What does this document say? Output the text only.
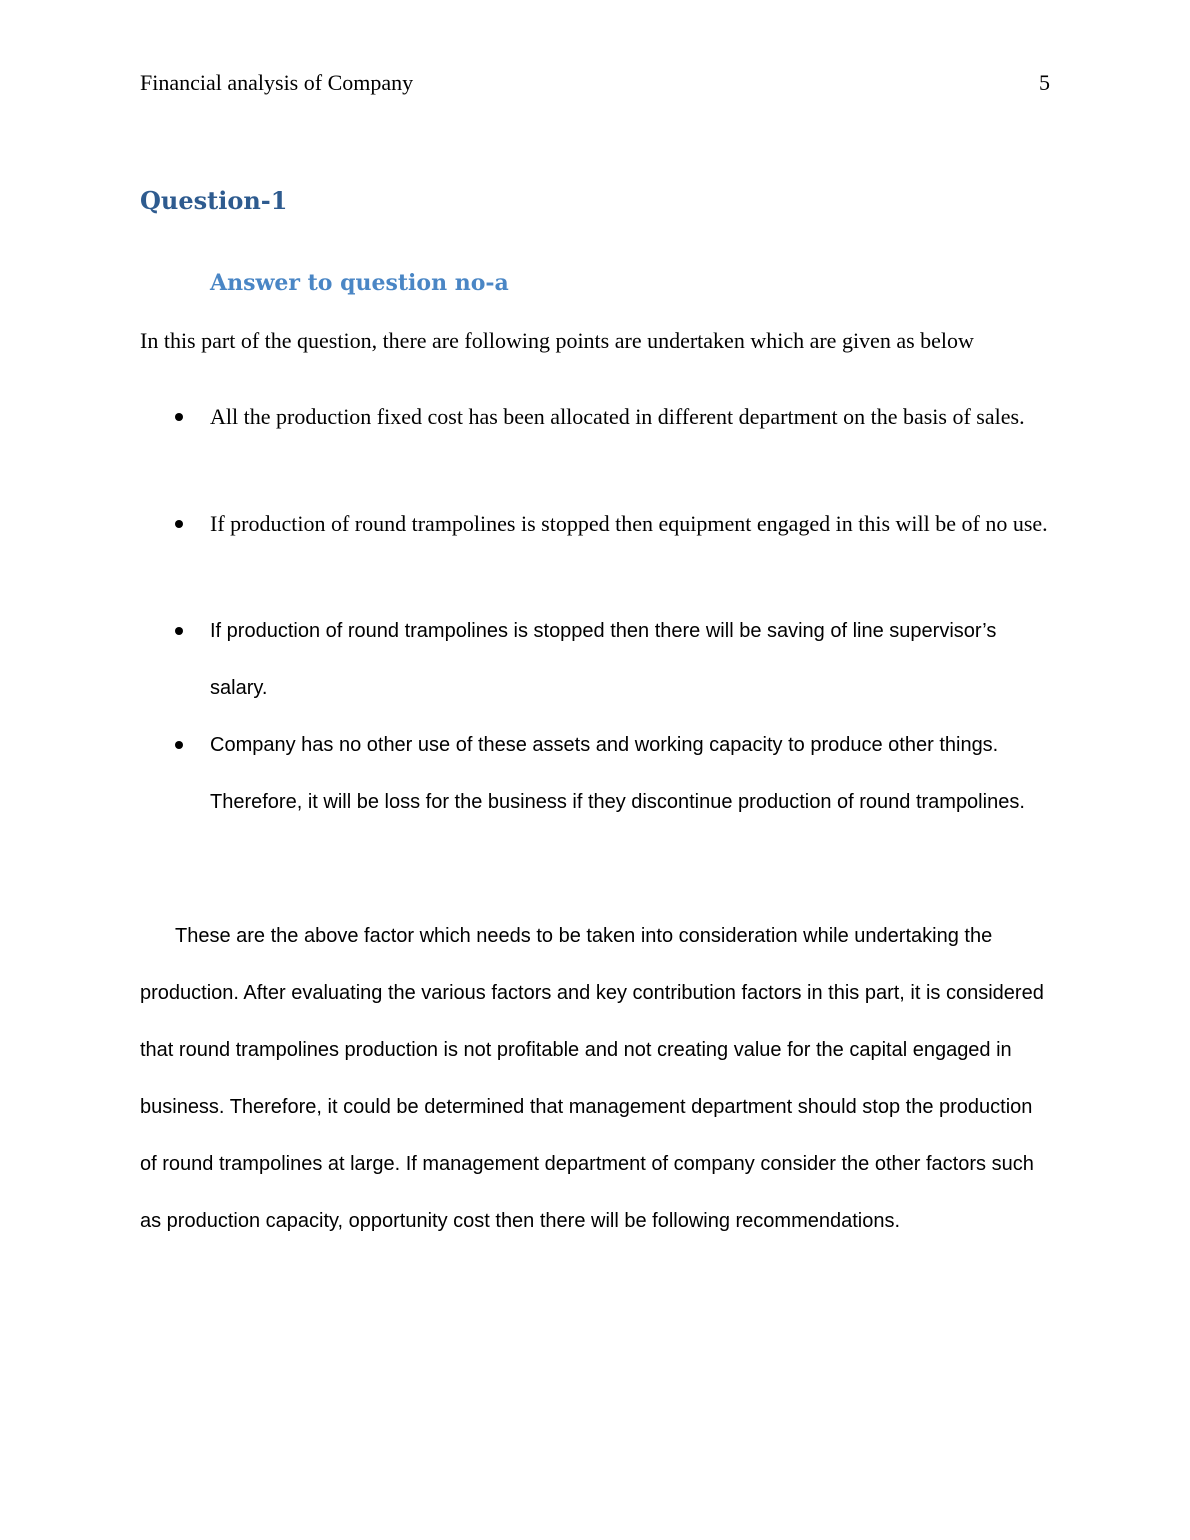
Financial analysis of Company	5
Question-1
Answer to question no-a
In this part of the question, there are following points are undertaken which are given as below
All the production fixed cost has been allocated in different department on the basis of sales.
If production of round trampolines is stopped then equipment engaged in this will be of no use.
If production of round trampolines is stopped then there will be saving of line supervisor’s salary.
Company has no other use of these assets and working capacity to produce other things. Therefore, it will be loss for the business if they discontinue production of round trampolines.

These are the above factor which needs to be taken into consideration while undertaking the production. After evaluating the various factors and key contribution factors in this part, it is considered that round trampolines production is not profitable and not creating value for the capital engaged in business. Therefore, it could be determined that management department should stop the production of round trampolines at large. If management department of company consider the other factors such as production capacity, opportunity cost then there will be following recommendations.
